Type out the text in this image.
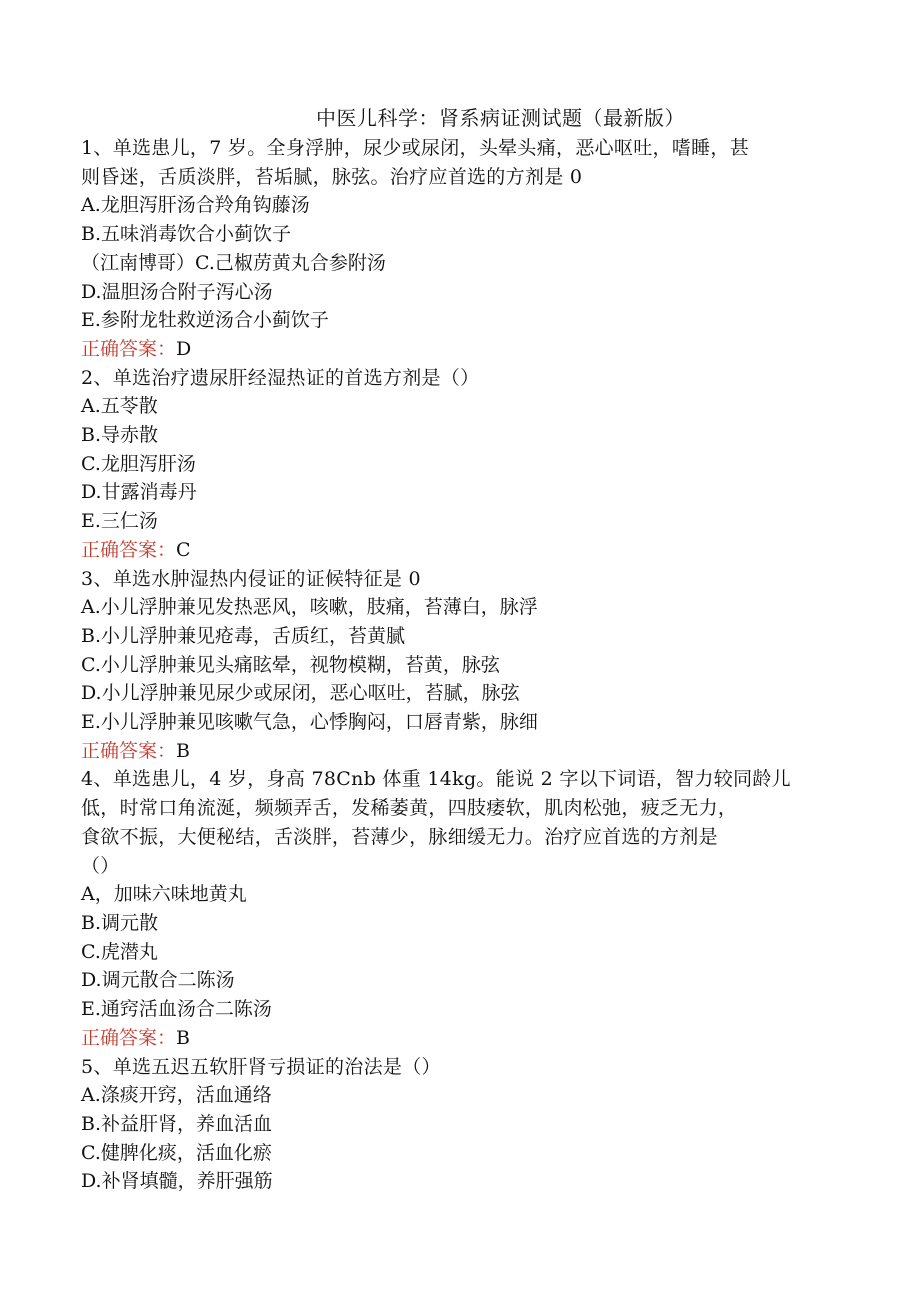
中医儿科学：肾系病证测试题（最新版）
1、单选患儿，7 岁。全身浮肿，尿少或尿闭，头晕头痛，恶心呕吐，嗜睡，甚
则昏迷，舌质淡胖，苔垢腻，脉弦。治疗应首选的方剂是 0
A.龙胆泻肝汤合羚角钩藤汤
B.五味消毒饮合小蓟饮子
（江南博哥）C.己椒苈黄丸合参附汤
D.温胆汤合附子泻心汤
E.参附龙牡救逆汤合小蓟饮子
正确答案：D
2、单选治疗遗尿肝经湿热证的首选方剂是（）
A.五苓散
B.导赤散
C.龙胆泻肝汤
D.甘露消毒丹
E.三仁汤
正确答案：C
3、单选水肿湿热内侵证的证候特征是 0
A.小儿浮肿兼见发热恶风，咳嗽，肢痛，苔薄白，脉浮
B.小儿浮肿兼见疮毒，舌质红，苔黄腻
C.小儿浮肿兼见头痛眩晕，视物模糊，苔黄，脉弦
D.小儿浮肿兼见尿少或尿闭，恶心呕吐，苔腻，脉弦
E.小儿浮肿兼见咳嗽气急，心悸胸闷，口唇青紫，脉细
正确答案：B
4、单选患儿，4 岁，身高 78Cnb 体重 14kg。能说 2 字以下词语，智力较同龄儿
低，时常口角流涎，频频弄舌，发稀萎黄，四肢痿软，肌肉松弛，疲乏无力，
食欲不振，大便秘结，舌淡胖，苔薄少，脉细缓无力。治疗应首选的方剂是
（）
A，加味六味地黄丸
B.调元散
C.虎潜丸
D.调元散合二陈汤
E.通窍活血汤合二陈汤
正确答案：B
5、单选五迟五软肝肾亏损证的治法是（）
A.涤痰开窍，活血通络
B.补益肝肾，养血活血
C.健脾化痰，活血化瘀
D.补肾填髓，养肝强筋
